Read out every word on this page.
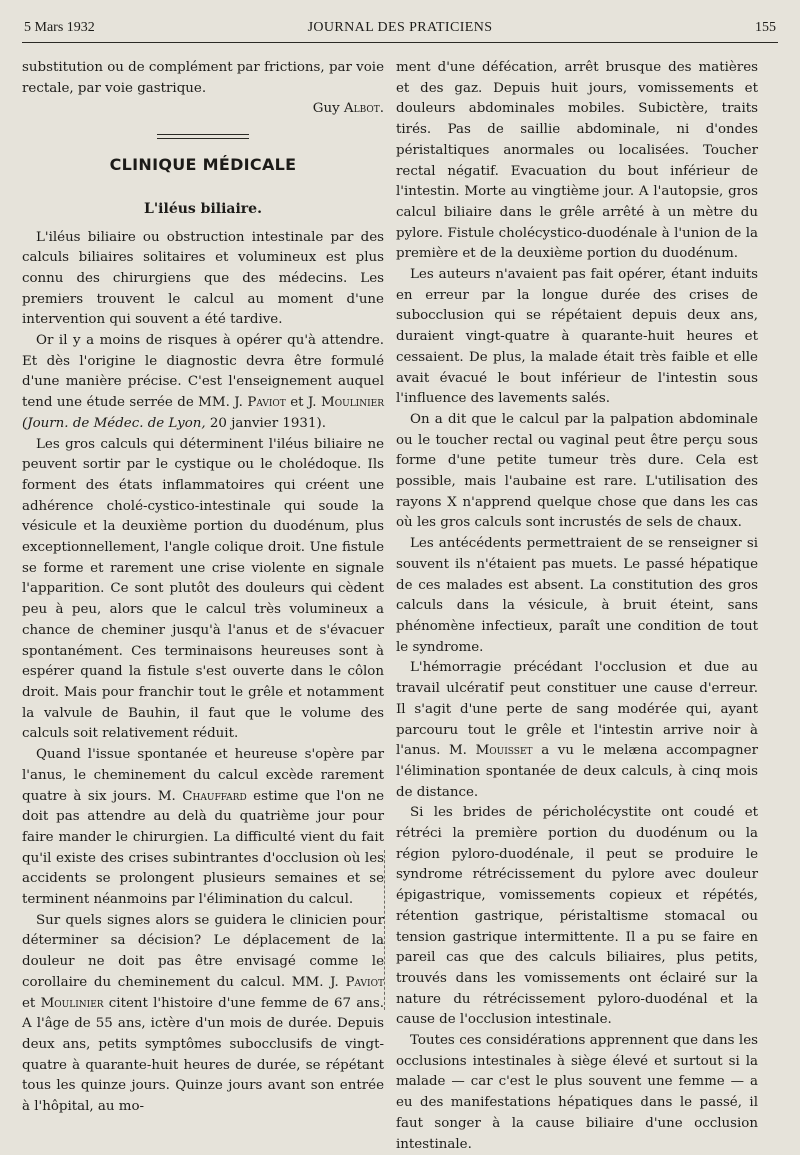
5 Mars 1932	JOURNAL DES PRATICIENS	155

substitution ou de complément par frictions, par voie rectale, par voie gastrique.

Guy Albot.

CLINIQUE MÉDICALE
L'iléus biliaire.

L'iléus biliaire ou obstruction intestinale par des calculs biliaires solitaires et volumineux est plus connu des chirurgiens que des médecins. Les premiers trouvent le calcul au moment d'une intervention qui souvent a été tardive.

Or il y a moins de risques à opérer qu'à attendre. Et dès l'origine le diagnostic devra être formulé d'une manière précise. C'est l'enseignement auquel tend une étude serrée de MM. J. Paviot et J. Moulinier (Journ. de Médec. de Lyon, 20 janvier 1931).

Les gros calculs qui déterminent l'iléus biliaire ne peuvent sortir par le cystique ou le cholédoque. Ils forment des états inflammatoires qui créent une adhérence cholé-cystico-intestinale qui soude la vésicule et la deuxième portion du duodénum, plus exceptionnellement, l'angle colique droit. Une fistule se forme et rarement une crise violente en signale l'apparition. Ce sont plutôt des douleurs qui cèdent peu à peu, alors que le calcul très volumineux a chance de cheminer jusqu'à l'anus et de s'évacuer spontanément. Ces terminaisons heureuses sont à espérer quand la fistule s'est ouverte dans le côlon droit. Mais pour franchir tout le grêle et notamment la valvule de Bauhin, il faut que le volume des calculs soit relativement réduit.

Quand l'issue spontanée et heureuse s'opère par l'anus, le cheminement du calcul excède rarement quatre à six jours. M. Chauffard estime que l'on ne doit pas attendre au delà du quatrième jour pour faire mander le chirurgien. La difficulté vient du fait qu'il existe des crises subintrantes d'occlusion où les accidents se prolongent plusieurs semaines et se terminent néanmoins par l'élimination du calcul.

Sur quels signes alors se guidera le clinicien pour déterminer sa décision? Le déplacement de la douleur ne doit pas être envisagé comme le corollaire du cheminement du calcul. MM. J. Paviot et Moulinier citent l'histoire d'une femme de 67 ans. A l'âge de 55 ans, ictère d'un mois de durée. Depuis deux ans, petits symptômes subocclusifs de vingt-quatre à quarante-huit heures de durée, se répétant tous les quinze jours. Quinze jours avant son entrée à l'hôpital, au mo-

ment d'une défécation, arrêt brusque des matières et des gaz. Depuis huit jours, vomissements et douleurs abdominales mobiles. Subictère, traits tirés. Pas de saillie abdominale, ni d'ondes péristaltiques anormales ou localisées. Toucher rectal négatif. Evacuation du bout inférieur de l'intestin. Morte au vingtième jour. A l'autopsie, gros calcul biliaire dans le grêle arrêté à un mètre du pylore. Fistule cholécystico-duodénale à l'union de la première et de la deuxième portion du duodénum.

Les auteurs n'avaient pas fait opérer, étant induits en erreur par la longue durée des crises de subocclusion qui se répétaient depuis deux ans, duraient vingt-quatre à quarante-huit heures et cessaient. De plus, la malade était très faible et elle avait évacué le bout inférieur de l'intestin sous l'influence des lavements salés.

On a dit que le calcul par la palpation abdominale ou le toucher rectal ou vaginal peut être perçu sous forme d'une petite tumeur très dure. Cela est possible, mais l'aubaine est rare. L'utilisation des rayons X n'apprend quelque chose que dans les cas où les gros calculs sont incrustés de sels de chaux.

Les antécédents permettraient de se renseigner si souvent ils n'étaient pas muets. Le passé hépatique de ces malades est absent. La constitution des gros calculs dans la vésicule, à bruit éteint, sans phénomène infectieux, paraît une condition de tout le syndrome.

L'hémorragie précédant l'occlusion et due au travail ulcératif peut constituer une cause d'erreur. Il s'agit d'une perte de sang modérée qui, ayant parcouru tout le grêle et l'intestin arrive noir à l'anus. M. Mouisset a vu le melæna accompagner l'élimination spontanée de deux calculs, à cinq mois de distance.

Si les brides de péricholécystite ont coudé et rétréci la première portion du duodénum ou la région pyloro-duodénale, il peut se produire le syndrome rétrécissement du pylore avec douleur épigastrique, vomissements copieux et répétés, rétention gastrique, péristaltisme stomacal ou tension gastrique intermittente. Il a pu se faire en pareil cas que des calculs biliaires, plus petits, trouvés dans les vomissements ont éclairé sur la nature du rétrécissement pyloro-duodénal et la cause de l'occlusion intestinale.

Toutes ces considérations apprennent que dans les occlusions intestinales à siège élevé et surtout si la malade — car c'est le plus souvent une femme — a eu des manifestations hépatiques dans le passé, il faut songer à la cause biliaire d'une occlusion intestinale.
